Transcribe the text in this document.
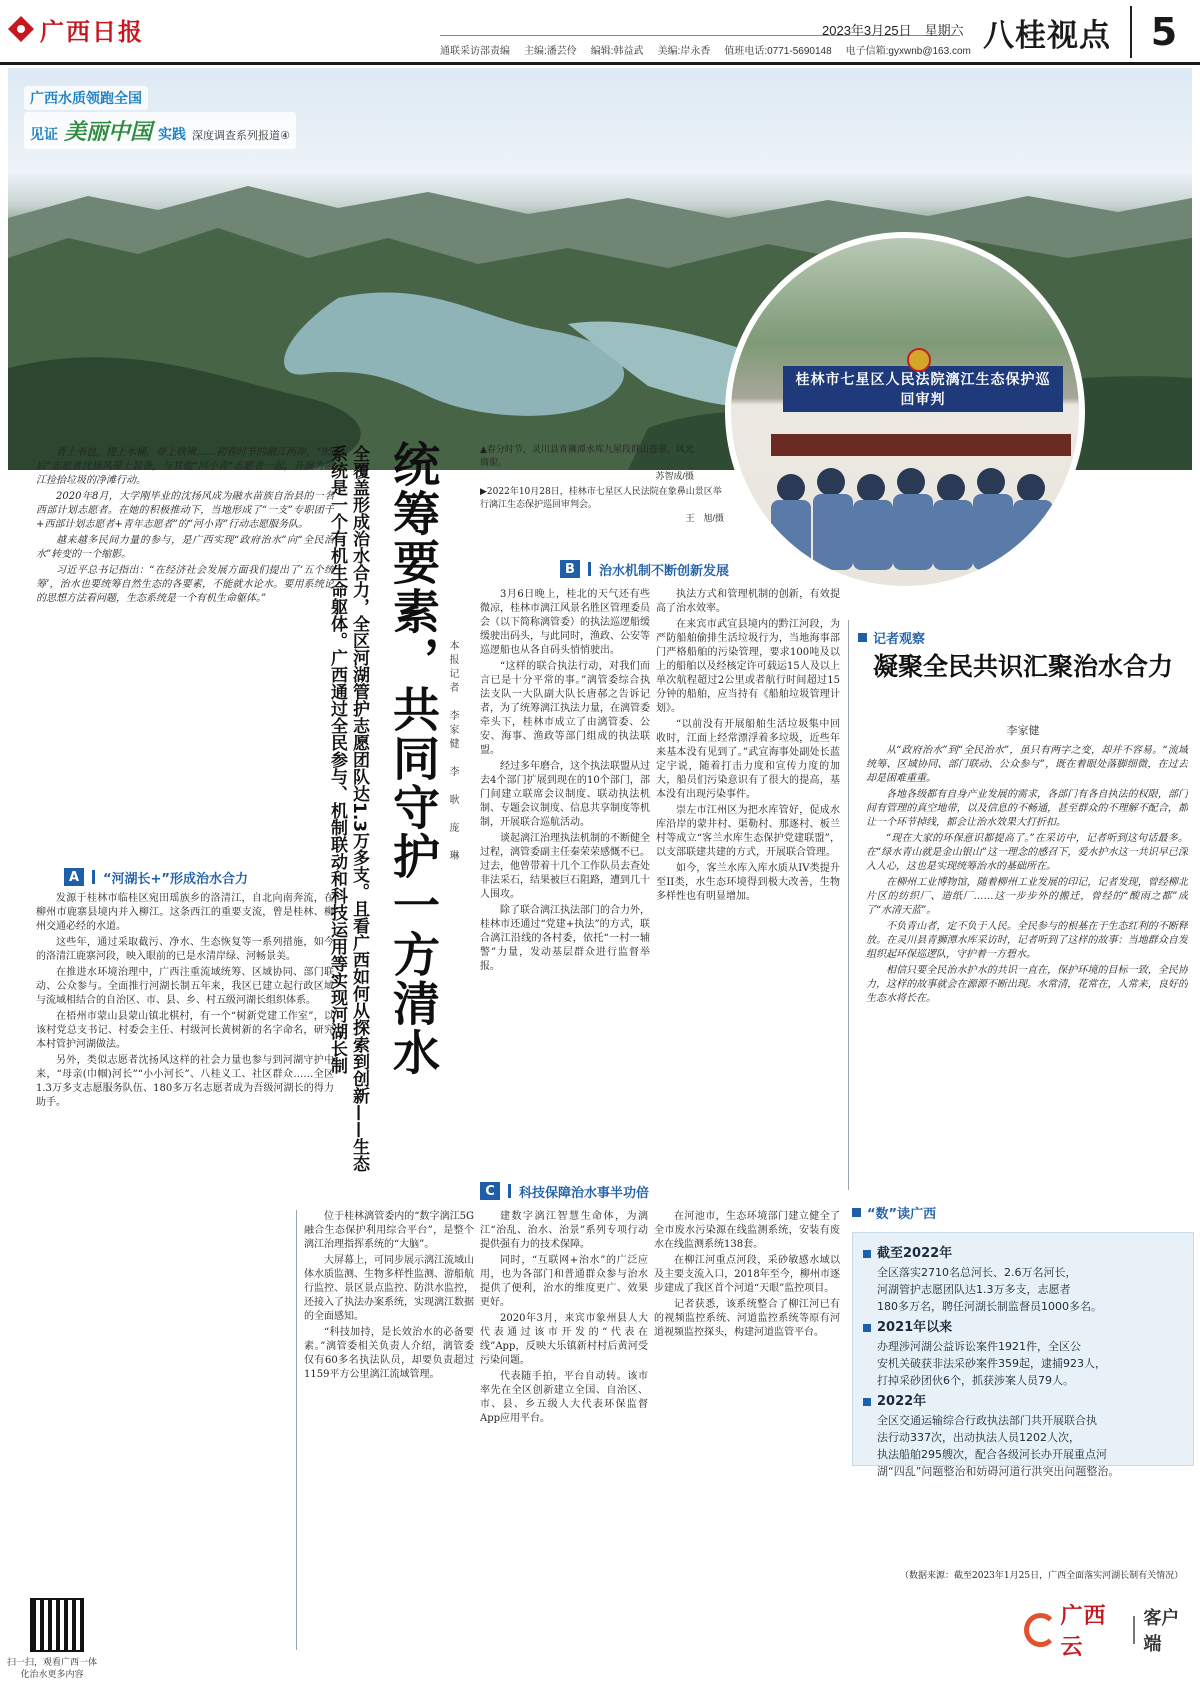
广西日报	2023年3月25日　星期六
通联采访部责编 主编:潘芸伶 编辑:韩益武 美编:岸永香 值班电话:0771-5690148 电子信箱:gyxwnb@163.com 八桂视点	5
广西水质领跑全国
见证 美丽中国 实践 深度调查系列报道④
桂林市七星区人民法院漓江生态保护巡回审判
▲春分时节，灵川县青狮潭水库九屋段群山苍翠，风光旖旎。
苏智成/摄
▶2022年10月28日，桂林市七星区人民法院在象鼻山景区举行漓江生态保护巡回审判会。
王　旭/摄
全覆盖形成治水合力，全区河湖管护志愿团队达1.3万多支。且看广西如何从探索到创新——生态系统是一个有机生命躯体。广西通过全民参与、机制联动和科技运用等实现河湖长制 统筹要素，共同守护一方清水 本报记者　李家健　李　耿　庞　琳

背上书包，提上水桶，带上铁锹……初春时节的融江两岸，“95后”志愿者沈扬风带上装备，与其他“河小青”志愿者一起，开展为融江捡拾垃圾的净滩行动。

2020年8月，大学刚毕业的沈扬风成为融水苗族自治县的一名西部计划志愿者。在她的积极推动下，当地形成了“一支”专职团干+西部计划志愿者+青年志愿者”的“河小青”行动志愿服务队。

越来越多民间力量的参与，是广西实现“政府治水”向“全民治水”转变的一个缩影。

习近平总书记指出：“在经济社会发展方面我们提出了‘五个统筹’，治水也要统筹自然生态的各要素，不能就水论水。要用系统论的思想方法看问题，生态系统是一个有机生命躯体。”

A	“河湖长+”形成治水合力

发源于桂林市临桂区宛田瑶族乡的洛清江，自北向南奔流，在柳州市鹿寨县境内并入柳江。这条西江的重要支流，曾是桂林、柳州交通必经的水道。

这些年，通过采取截污、净水、生态恢复等一系列措施，如今的洛清江鹿寨河段，映入眼前的已是水清岸绿、河畅景美。

在推进水环境治理中，广西注重流域统筹、区域协同、部门联动、公众参与。全面推行河湖长制五年来，我区已建立起行政区域与流域相结合的自治区、市、县、乡、村五级河湖长组织体系。

在梧州市蒙山县蒙山镇北棋村，有一个“树新党建工作室”，以该村党总支书记、村委会主任、村级河长黄树新的名字命名，研究本村管护河湖做法。

另外，类似志愿者沈扬风这样的社会力量也参与到河湖守护中来，“母亲(巾帼)河长”“小小河长”、八桂义工、社区群众……全区1.3万多支志愿服务队伍、180多万名志愿者成为吾级河湖长的得力助手。

位于桂林漓管委内的“数字漓江5G融合生态保护利用综合平台”，是整个漓江治理指挥系统的“大脑”。

大屏幕上，可同步展示漓江流域山体水质监测、生物多样性监测、游船航行监控、景区景点监控、防洪水监控，还接入了执法办案系统，实现漓江数据的全面感知。

“科技加持，是长效治水的必备要素。”漓管委相关负责人介绍，漓管委仅有60多名执法队员，却要负责超过1159平方公里漓江流域管理。

C	科技保障治水事半功倍

建数字漓江智慧生命体，为漓江“治乱、治水、治景”系列专项行动提供强有力的技术保障。

同时，“互联网+治水”的广泛应用，也为各部门和普通群众参与治水提供了便利，治水的维度更广、效果更好。

2020年3月，来宾市象州县人大代表通过该市开发的“代表在线”App，反映大乐镇新村村后黄河受污染问题。

代表随手拍，平台自动转。该市率先在全区创新建立全国、自治区、市、县、乡五级人大代表环保监督App应用平台。

在河池市，生态环境部门建立健全了全市废水污染源在线监测系统，安装有废水在线监测系统138套。

在柳江河重点河段，采砂敏感水域以及主要支流入口，2018年至今，柳州市逐步建成了我区首个河道“天眼”监控项目。

记者获悉，该系统整合了柳江河已有的视频监控系统、河道监控系统等原有河道视频监控探头，构建河道监管平台。

B	治水机制不断创新发展

3月6日晚上，桂北的天气还有些微凉，桂林市漓江风景名胜区管理委员会（以下简称漓管委）的执法巡逻船缓缓驶出码头，与此同时，渔政、公安等巡逻船也从各自码头悄悄驶出。

“这样的联合执法行动，对我们而言已是十分平常的事。”漓管委综合执法支队一大队副大队长唐郝之告诉记者，为了统筹漓江执法力量，在漓管委牵头下，桂林市成立了由漓管委、公安、海事、渔政等部门组成的执法联盟。

经过多年磨合，这个执法联盟从过去4个部门扩展到现在的10个部门，部门间建立联席会议制度、联动执法机制、专题会议制度、信息共享制度等机制，开展联合巡航活动。

谈起漓江治理执法机制的不断健全过程，漓管委副主任秦荣荣感慨不已。过去，他曾带着十几个工作队员去查处非法采石，结果被巨石阻路，遭到几十人围攻。

除了联合漓江执法部门的合力外，桂林市还通过“党建+执法”的方式，联合漓江沿线的各村委，依托“一村一辅警”力量，发动基层群众进行监督举报。

执法方式和管理机制的创新，有效提高了治水效率。

在来宾市武宣县境内的黔江河段，为严防船舶偷排生活垃圾行为，当地海事部门严格船舶的污染管理，要求100吨及以上的船舶以及经核定许可载运15人及以上单次航程超过2公里或者航行时间超过15分钟的船舶，应当持有《船舶垃圾管理计划》。

“以前没有开展船舶生活垃圾集中回收时，江面上经常漂浮着多垃圾，近些年来基本没有见到了。”武宣海事处副处长蓝定宇说，随着打击力度和宣传力度的加大，船员们污染意识有了很大的提高，基本没有出现污染事件。

崇左市江州区为把水库管好，促成水库沿岸的蒙井村、渠勒村、那逐村、板兰村等成立“客兰水库生态保护党建联盟”，以支部联建共建的方式，开展联合管理。

如今，客兰水库入库水质从IV类提升至II类，水生态环境得到极大改善，生物多样性也有明显增加。

记者观察
凝聚全民共识汇聚治水合力
李家健

从“政府治水”到“全民治水”，虽只有两字之变，却并不容易。“流域统筹、区域协同、部门联动、公众参与”，既在着眼处落脚细微，在过去却是困难重重。

各地各级都有自身产业发展的需求，各部门有各自执法的权限，部门间有管理的真空地带，以及信息的不畅通，甚至群众的不理解不配合，都让一个环节掉线，都会让治水效果大打折扣。

“现在大家的环保意识都提高了。”在采访中，记者听到这句话最多。在“绿水青山就是金山银山”这一理念的感召下，爱水护水这一共识早已深入人心，这也是实现统筹治水的基础所在。

在柳州工业博物馆，随着柳州工业发展的印记，记者发现，曾经柳北片区的纺织厂、造纸厂……这一步步外的搬迁，曾经的“酸雨之都”成了“水清天蓝”。

不负青山者，定不负于人民。全民参与的根基在于生态红利的不断释放。在灵川县青狮潭水库采访时，记者听到了这样的故事：当地群众自发组织起环保巡逻队，守护着一方碧水。

相信只要全民治水护水的共识一直在，保护环境的目标一致，全民协力，这样的故事就会在源源不断出现。水常清，花常在，人常来，良好的生态水将长在。

“数”读广西
截至2022年
全区落实2710名总河长、2.6万名河长，
河湖管护志愿团队达1.3万多支，志愿者
180多万名，聘任河湖长制监督员1000多名。
2021年以来
办理涉河湖公益诉讼案件1921件，全区公
安机关破获非法采砂案件359起，逮捕923人，
打掉采砂团伙6个，抓获涉案人员79人。
2022年
全区交通运输综合行政执法部门共开展联合执
法行动337次，出动执法人员1202人次，
执法船舶295艘次，配合各级河长办开展重点河
湖“四乱”问题整治和妨碍河道行洪突出问题整治。
（数据来源：截至2023年1月25日，广西全面落实河湖长制有关情况）
扫一扫，观看广西一体化治水更多内容
广西云
客户端
